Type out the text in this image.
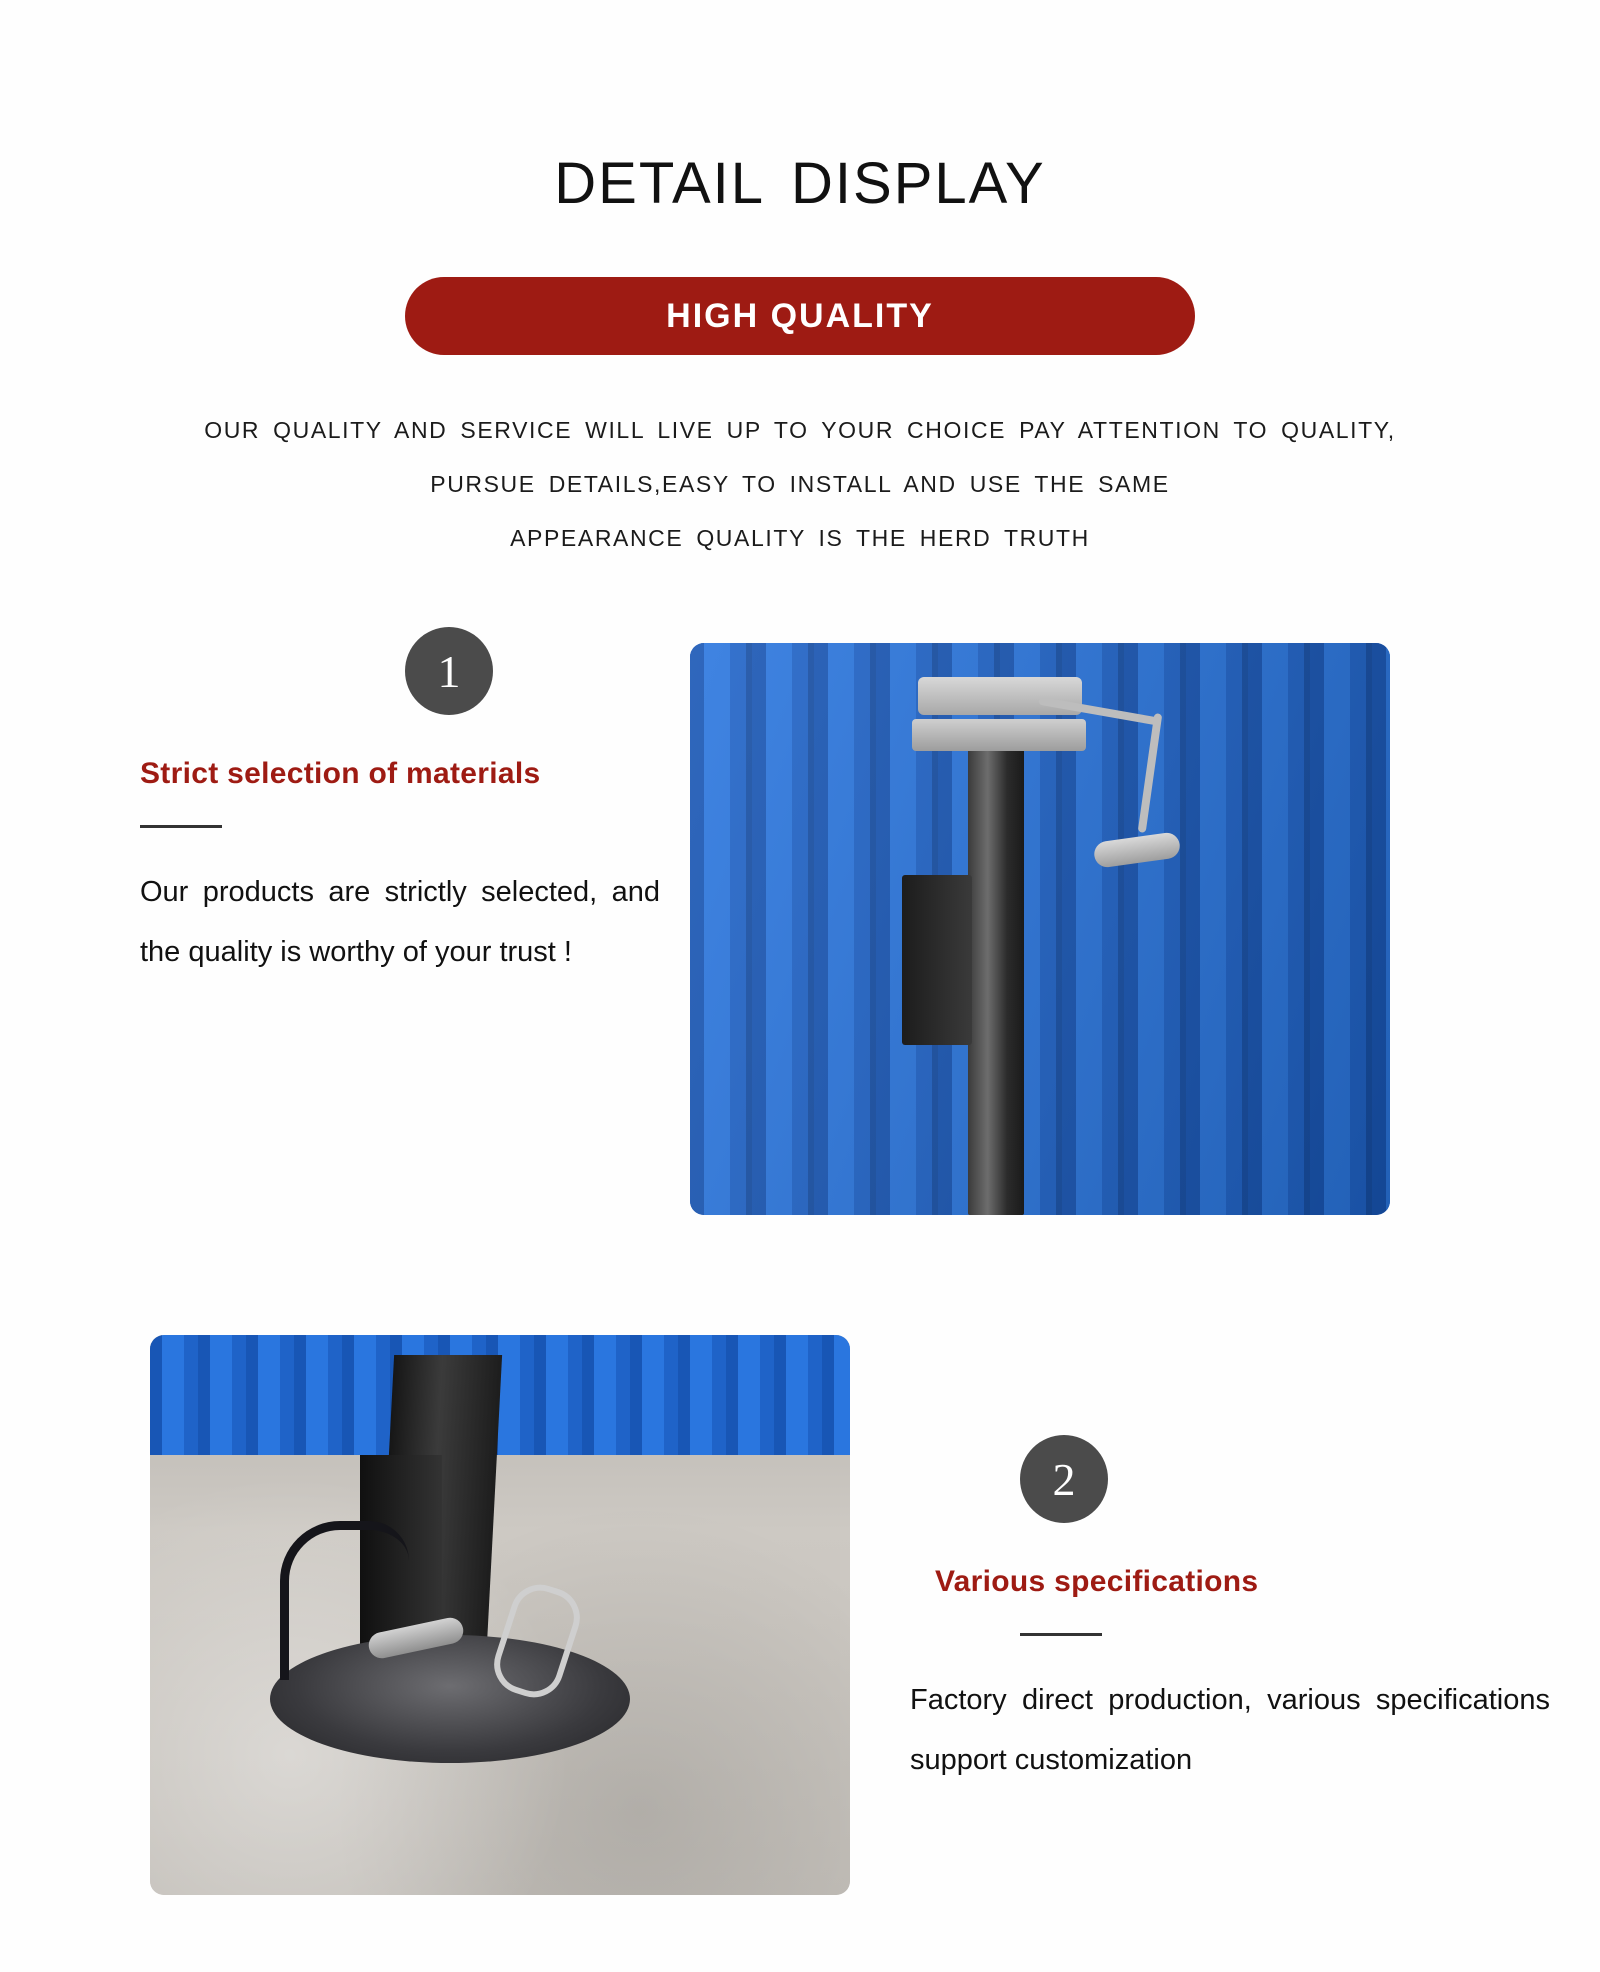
DETAIL DISPLAY
HIGH QUALITY
OUR QUALITY AND SERVICE WILL LIVE UP TO YOUR CHOICE PAY ATTENTION TO QUALITY,
PURSUE DETAILS,EASY TO INSTALL AND USE THE SAME
APPEARANCE QUALITY IS THE HERD TRUTH
1
Strict selection of materials
Our products are strictly selected, and the quality is worthy of your trust !
2
Various specifications
Factory direct production, various specifications support customization
